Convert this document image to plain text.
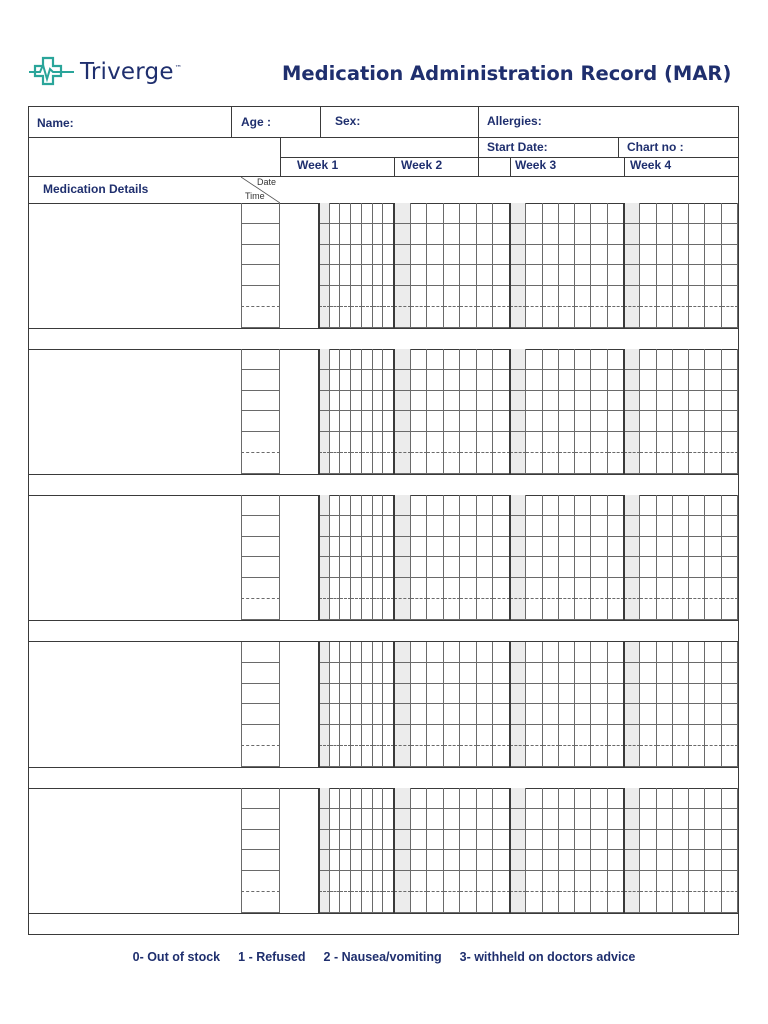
Triverge™	Medication Administration Record (MAR)
Name:	Age :	Sex:	Allergies:
Start Date:	Chart no :
Week 1	Week 2	Week 3	Week 4
Medication Details	Date
Time
0- Out of stock 1 - Refused 2 - Nausea/vomiting 3- withheld on doctors advice
